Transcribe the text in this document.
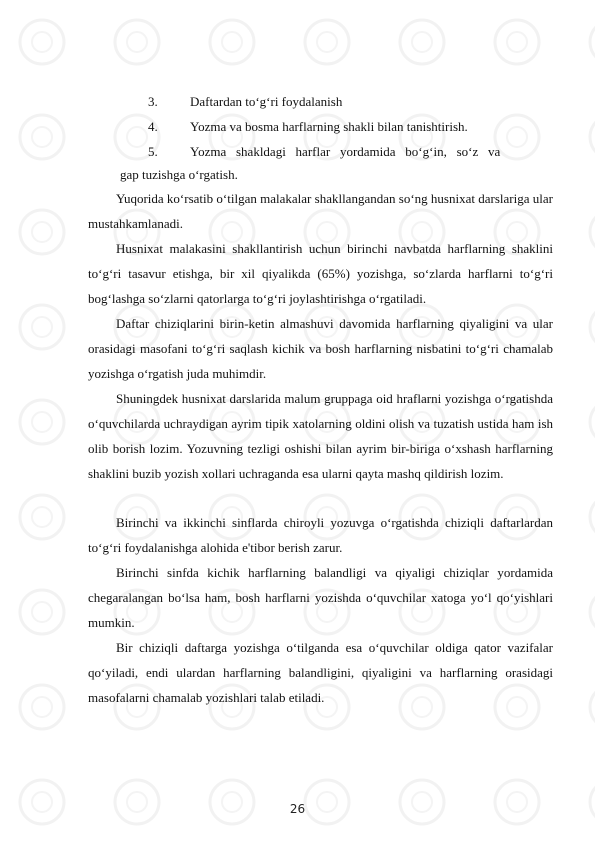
3. Daftardan to‘g‘ri foydalanish
4. Yozma va bosma harflarning shakli bilan tanishtirish.
5. Yozma   shakldagi   harflar   yordamida   bo‘g‘in,   so‘z   va
gap tuzishga o‘rgatish.

Yuqorida ko‘rsatib o‘tilgan malakalar shakllangandan so‘ng husnixat darslariga ular mustahkamlanadi.

Husnixat malakasini shakllantirish uchun birinchi navbatda harflarning shaklini to‘g‘ri tasavur etishga, bir xil qiyalikda (65%) yozishga, so‘zlarda harflarni to‘g‘ri bog‘lashga so‘zlarni qatorlarga to‘g‘ri joylashtirishga o‘rgatiladi.

Daftar chiziqlarini birin-ketin almashuvi davomida harflarning qiyaligini va ular orasidagi masofani to‘g‘ri saqlash kichik va bosh harflarning nisbatini to‘g‘ri chamalab yozishga o‘rgatish juda muhimdir.

Shuningdek husnixat darslarida malum gruppaga oid hraflarni yozishga o‘rgatishda o‘quvchilarda uchraydigan ayrim tipik xatolarning oldini olish va tuzatish ustida ham ish olib borish lozim. Yozuvning tezligi oshishi bilan ayrim bir-biriga o‘xshash harflarning shaklini buzib yozish xollari uchraganda esa ularni qayta mashq qildirish lozim.

Birinchi va ikkinchi sinflarda chiroyli yozuvga o‘rgatishda chiziqli daftarlardan to‘g‘ri foydalanishga alohida e'tibor berish zarur.

Birinchi sinfda kichik harflarning balandligi va qiyaligi chiziqlar yordamida chegaralangan bo‘lsa ham, bosh harflarni yozishda o‘quvchilar xatoga yo‘l qo‘yishlari mumkin.

Bir chiziqli daftarga yozishga o‘tilganda esa o‘quvchilar oldiga qator vazifalar qo‘yiladi, endi ulardan harflarning balandligini, qiyaligini va harflarning orasidagi masofalarni chamalab yozishlari talab etiladi.

26
